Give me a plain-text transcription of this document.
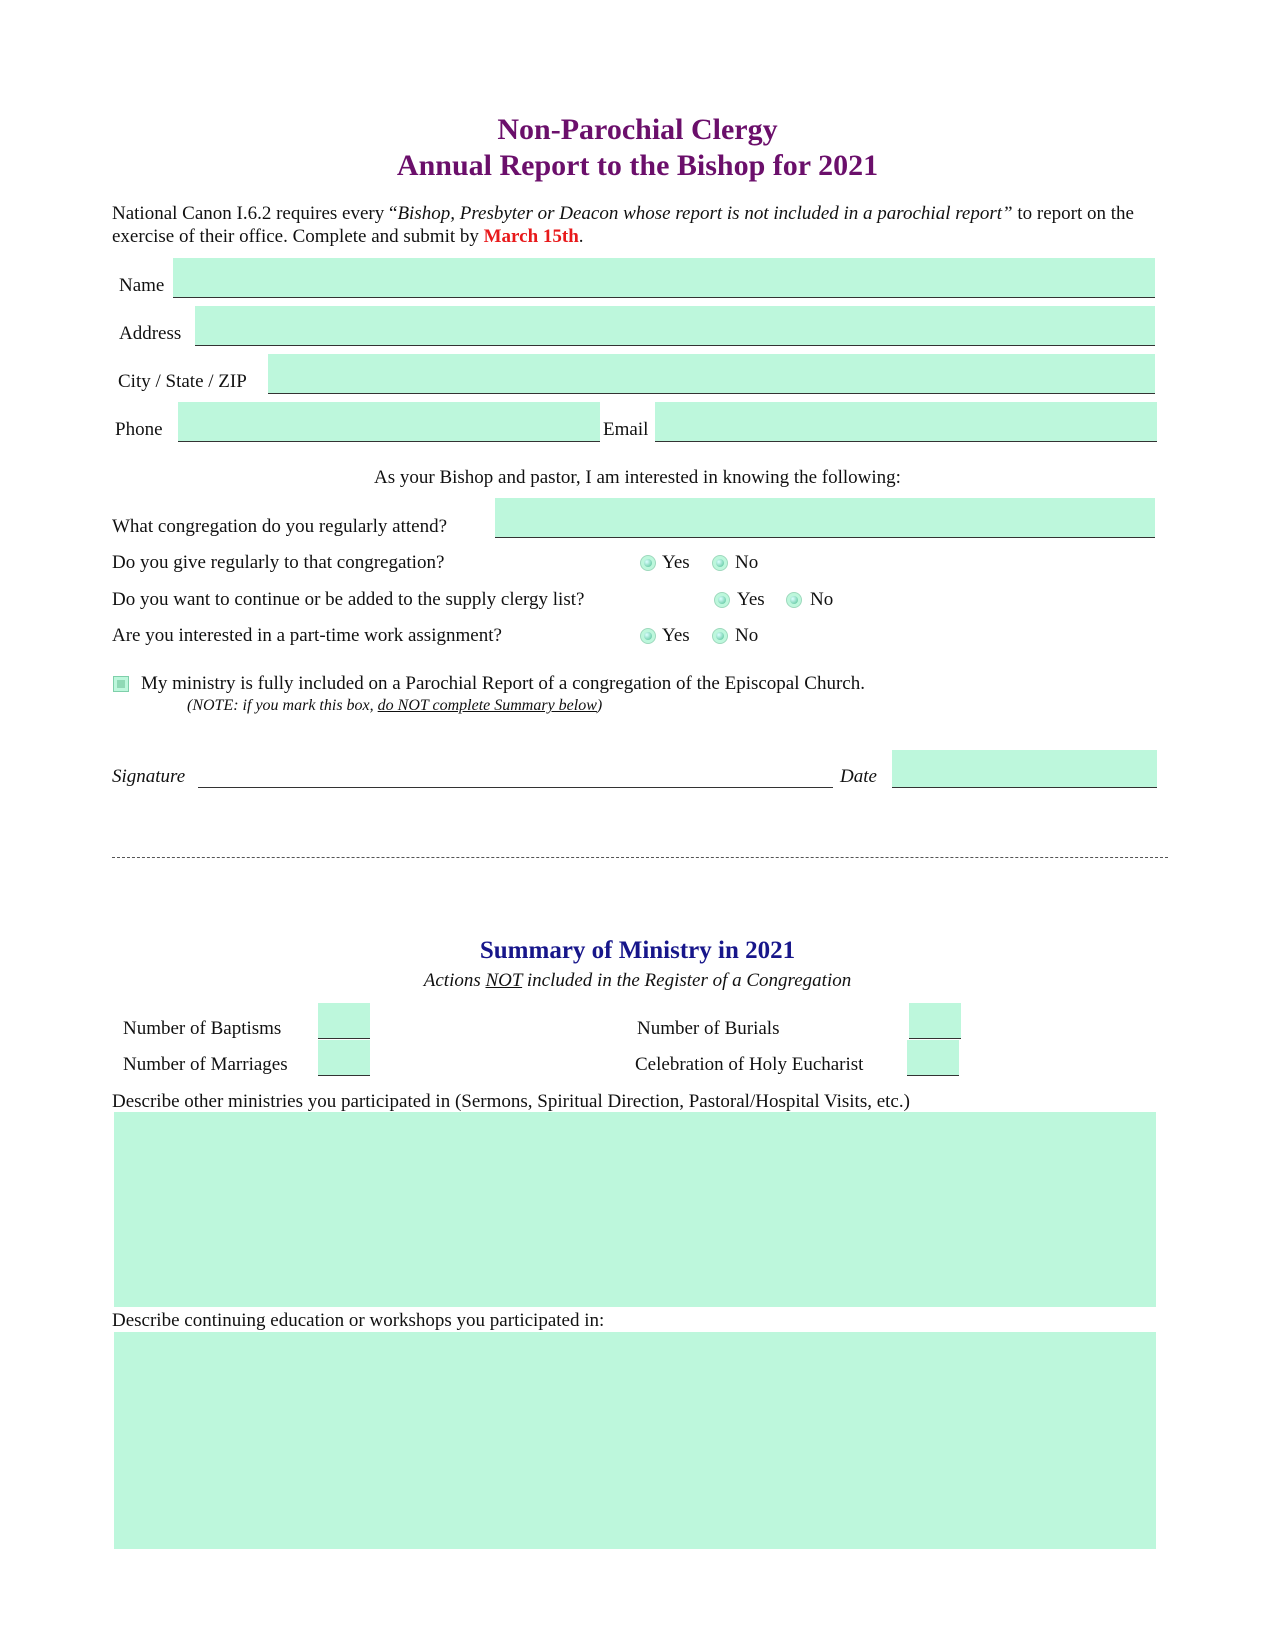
Non-Parochial Clergy
Annual Report to the Bishop for 2021
National Canon I.6.2 requires every “Bishop, Presbyter or Deacon whose report is not included in a parochial report” to report on the exercise of their office. Complete and submit by March 15th.
Name
Address
City / State / ZIP
Phone	Email
As your Bishop and pastor, I am interested in knowing the following:
What congregation do you regularly attend?
Do you give regularly to that congregation?	Yes No
Do you want to continue or be added to the supply clergy list?	Yes No
Are you interested in a part-time work assignment?	Yes No
My ministry is fully included on a Parochial Report of a congregation of the Episcopal Church.
(NOTE: if you mark this box, do NOT complete Summary below)
Signature	Date
Summary of Ministry in 2021
Actions NOT included in the Register of a Congregation
Number of Baptisms	Number of Burials
Number of Marriages	Celebration of Holy Eucharist
Describe other ministries you participated in (Sermons, Spiritual Direction, Pastoral/Hospital Visits, etc.)
Describe continuing education or workshops you participated in:
